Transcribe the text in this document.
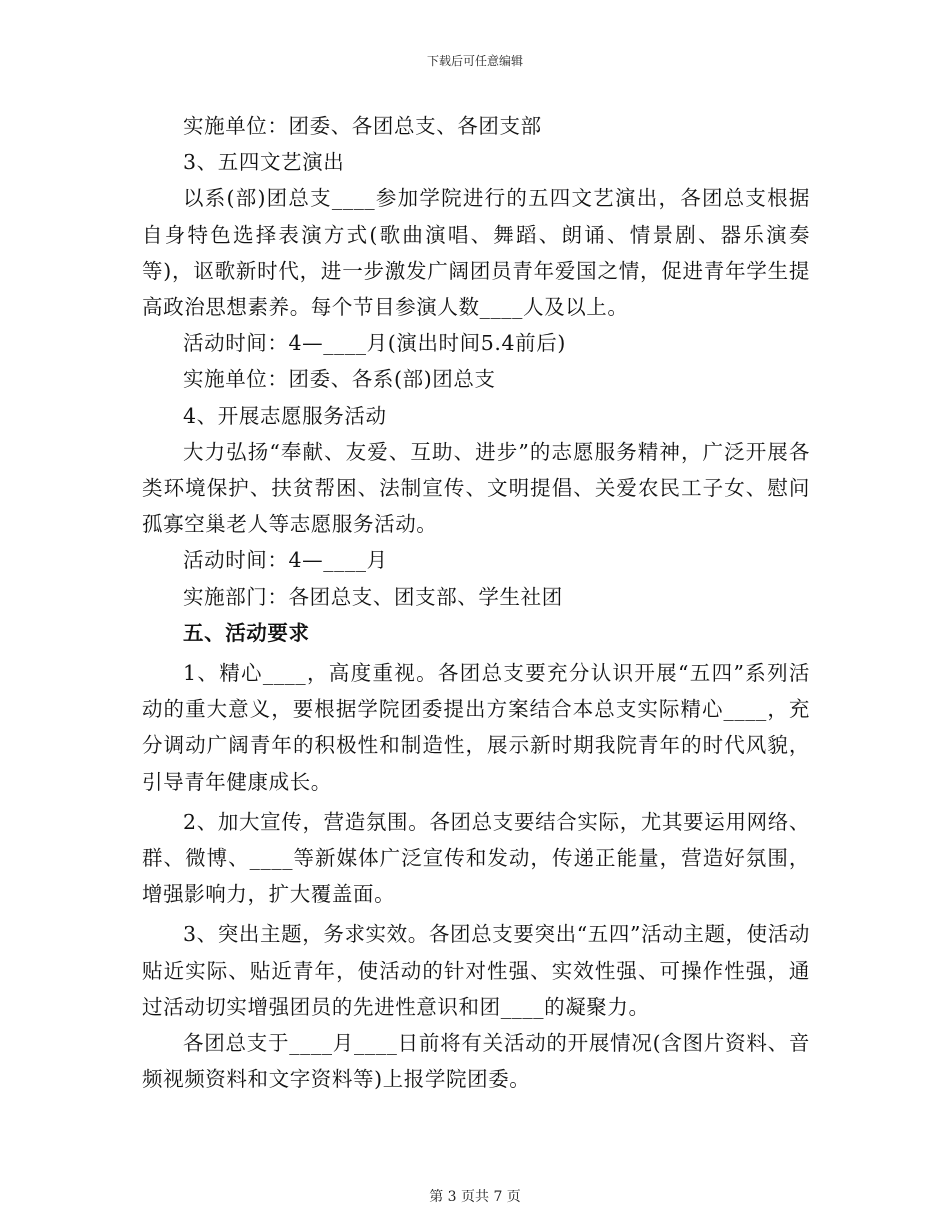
下载后可任意编辑

实施单位：团委、各团总支、各团支部

3、五四文艺演出

以系(部)团总支____参加学院进行的五四文艺演出，各团总支根据自身特色选择表演方式(歌曲演唱、舞蹈、朗诵、情景剧、器乐演奏等)，讴歌新时代，进一步激发广阔团员青年爱国之情，促进青年学生提高政治思想素养。每个节目参演人数____人及以上。

活动时间：4—____月(演出时间5.4前后)

实施单位：团委、各系(部)团总支

4、开展志愿服务活动

大力弘扬“奉献、友爱、互助、进步”的志愿服务精神，广泛开展各类环境保护、扶贫帮困、法制宣传、文明提倡、关爱农民工子女、慰问孤寡空巢老人等志愿服务活动。

活动时间：4—____月

实施部门：各团总支、团支部、学生社团

五、活动要求

1、精心____，高度重视。各团总支要充分认识开展“五四”系列活动的重大意义，要根据学院团委提出方案结合本总支实际精心____，充分调动广阔青年的积极性和制造性，展示新时期我院青年的时代风貌，引导青年健康成长。

2、加大宣传，营造氛围。各团总支要结合实际，尤其要运用网络、群、微博、____等新媒体广泛宣传和发动，传递正能量，营造好氛围，增强影响力，扩大覆盖面。

3、突出主题，务求实效。各团总支要突出“五四”活动主题，使活动贴近实际、贴近青年，使活动的针对性强、实效性强、可操作性强，通过活动切实增强团员的先进性意识和团____的凝聚力。

各团总支于____月____日前将有关活动的开展情况(含图片资料、音频视频资料和文字资料等)上报学院团委。

第 3 页共 7 页
